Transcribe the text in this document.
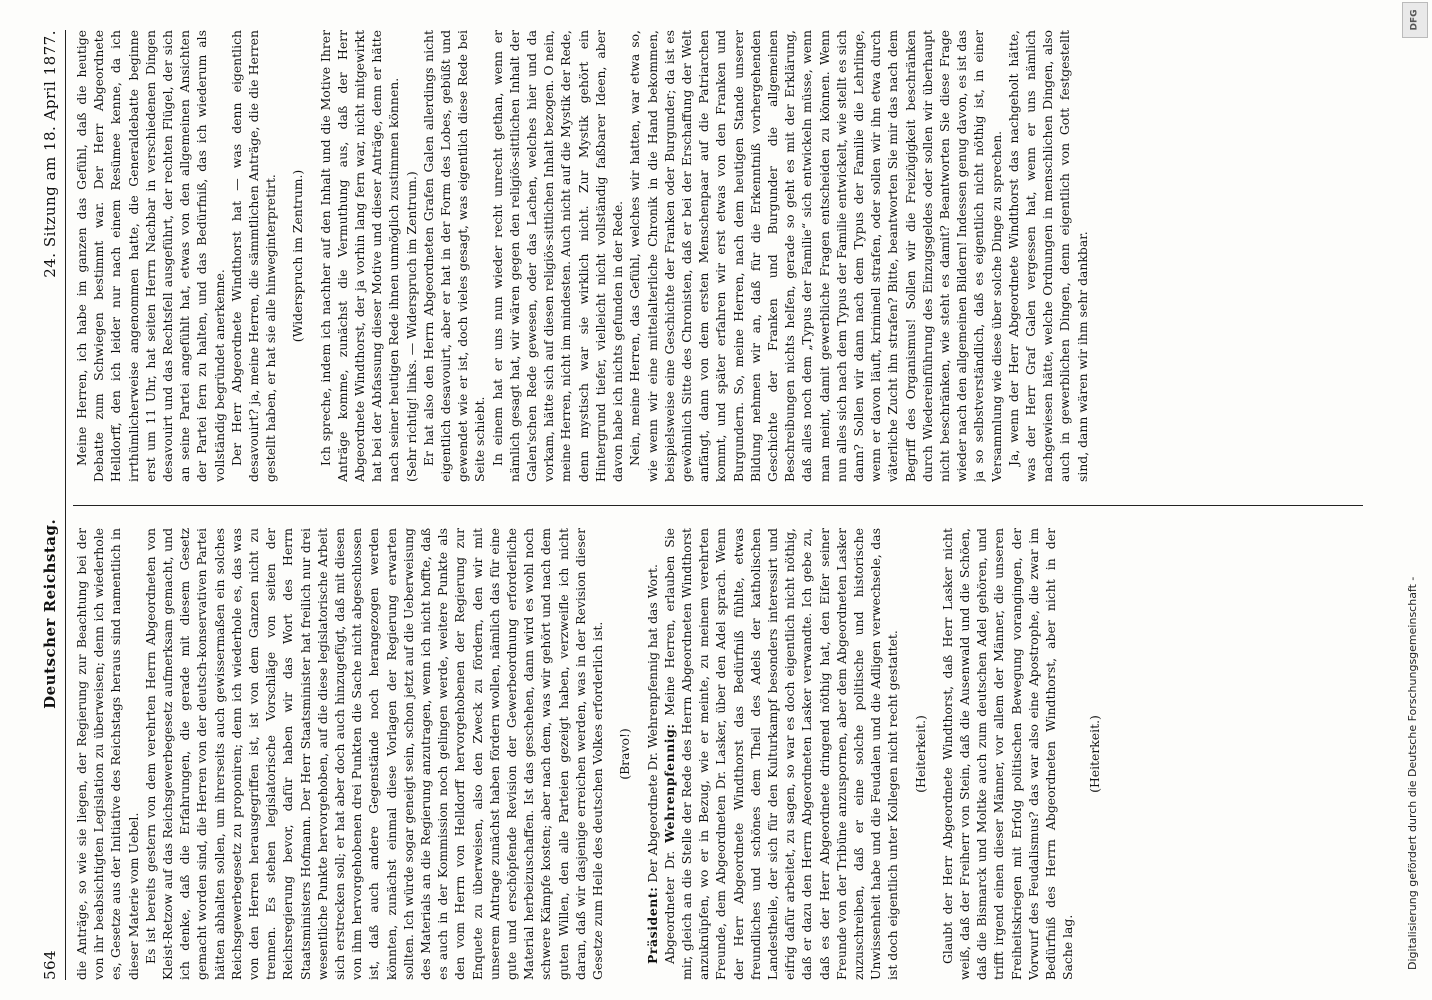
564
Deutscher Reichstag.
24. Sitzung am 18. April 1877.

die Anträge, so wie sie liegen, der Regierung zur Beachtung bei der von ihr beabsichtigten Legislation zu überweisen; denn ich wiederhole es, Gesetze aus der Initiative des Reichstags heraus sind namentlich in dieser Materie vom Uebel. Es ist bereits gestern von dem verehrten Herrn Abgeordneten von Kleist-Retzow auf das Reichsgewerbegesetz aufmerksam gemacht, und ich denke, daß die Erfahrungen, die gerade mit diesem Gesetz gemacht worden sind, die Herren von der deutsch-konservativen Partei hätten abhalten sollen, um ihrerseits auch gewissermaßen ein solches Reichsgewerbegesetz zu proponiren; denn ich wiederhole es, das was von den Herren herausgegriffen ist, ist von dem Ganzen nicht zu trennen. Es stehen legislatorische Vorschläge von seiten der Reichsregierung bevor, dafür haben wir das Wort des Herrn Staatsministers Hofmann. Der Herr Staatsminister hat freilich nur drei wesentliche Punkte hervorgehoben, auf die diese legislatorische Arbeit sich erstrecken soll; er hat aber doch auch hinzugefügt, daß mit diesen von ihm hervorgehobenen drei Punkten die Sache nicht abgeschlossen ist, daß auch andere Gegenstände noch herangezogen werden könnten, zunächst einmal diese Vorlagen der Regierung erwarten sollten. Ich würde sogar geneigt sein, schon jetzt auf die Ueberweisung des Materials an die Regierung anzutragen, wenn ich nicht hoffte, daß es auch in der Kommission noch gelingen werde, weitere Punkte als den vom Herrn von Helldorff hervorgehobenen der Regierung zur Enquete zu überweisen, also den Zweck zu fördern, den wir mit unserem Antrage zunächst haben fördern wollen, nämlich das für eine gute und erschöpfende Revision der Gewerbeordnung erforderliche Material herbeizuschaffen. Ist das geschehen, dann wird es wohl noch schwere Kämpfe kosten; aber nach dem, was wir gehört und nach dem guten Willen, den alle Parteien gezeigt haben, verzweifle ich nicht daran, daß wir dasjenige erreichen werden, was in der Revision dieser Gesetze zum Heile des deutschen Volkes erforderlich ist. (Bravo!)

Präsident: Der Abgeordnete Dr. Wehrenpfennig hat das Wort.

Abgeordneter Dr. Wehrenpfennig: Meine Herren, erlauben Sie mir, gleich an die Stelle der Rede des Herrn Abgeordneten Windthorst anzuknüpfen, wo er in Bezug, wie er meinte, zu meinem verehrten Freunde, dem Abgeordneten Dr. Lasker, über den Adel sprach. Wenn der Herr Abgeordnete Windthorst das Bedürfniß fühlte, etwas freundliches und schönes dem Theil des Adels der katholischen Landestheile, der sich für den Kulturkampf besonders interessirt und eifrig dafür arbeitet, zu sagen, so war es doch eigentlich nicht nöthig, daß er dazu den Herrn Abgeordneten Lasker verwandte. Ich gebe zu, daß es der Herr Abgeordnete dringend nöthig hat, den Eifer seiner Freunde von der Tribüne anzuspornen, aber dem Abgeordneten Lasker zuzuschreiben, daß er eine solche politische und historische Unwissenheit habe und die Feudalen und die Adligen verwechsele, das ist doch eigentlich unter Kollegen nicht recht gestattet. (Heiterkeit.) Glaubt der Herr Abgeordnete Windthorst, daß Herr Lasker nicht weiß, daß der Freiherr von Stein, daß die Ausenwald und die Schöen, daß die Bismarck und Moltke auch zum deutschen Adel gehören, und trifft irgend einen dieser Männer, vor allem der Männer, die unseren Freiheitskriegen mit Erfolg politischen Bewegung vorangingen, der Vorwurf des Feudalismus? das war also eine Apostrophe, die zwar im Bedürfniß des Herrn Abgeordneten Windthorst, aber nicht in der Sache lag.

(Heiterkeit.)

Meine Herren, ich habe im ganzen das Gefühl, daß die heutige Debatte zum Schwiegen bestimmt war. Der Herr Abgeordnete Helldorff, den ich leider nur nach einem Resümee kenne, da ich irrthümlicherweise angenommen hatte, die Generaldebatte beginne erst um 11 Uhr, hat seiten Herrn Nachbar in verschiedenen Dingen desavouirt und das Rechtsfell ausgeführt, der rechten Flügel, der sich an seine Partei angefühlt hat, etwas von den allgemeinen Ansichten der Partei fern zu halten, und das Bedürfniß, das ich wiederum als vollständig begründet anerkenne. Der Herr Abgeordnete Windthorst hat — was denn eigentlich desavouirt? ja, meine Herren, die sämmtlichen Anträge, die die Herren gestellt haben, er hat sie alle hinweginterpretirt. (Widerspruch im Zentrum.) Ich spreche, indem ich nachher auf den Inhalt und die Motive Ihrer Anträge komme, zunächst die Vermuthung aus, daß der Herr Abgeordnete Windthorst, der ja vorhin lang fern war, nicht mitgewirkt hat bei der Abfassung dieser Motive und dieser Anträge, denn er hätte nach seiner heutigen Rede ihnen unmöglich zustimmen können. (Sehr richtig! links. — Widerspruch im Zentrum.) Er hat also den Herrn Abgeordneten Grafen Galen allerdings nicht eigentlich desavouirt, aber er hat in der Form des Lobes, gebüßt und gewendet wie er ist, doch vieles gesagt, was eigentlich diese Rede bei Seite schiebt. In einem hat er uns nun wieder recht unrecht gethan, wenn er nämlich gesagt hat, wir wären gegen den religiös-sittlichen Inhalt der Galen'schen Rede gewesen, oder das Lachen, welches hier und da vorkam, hätte sich auf diesen religiös-sittlichen Inhalt bezogen. O nein, meine Herren, nicht im mindesten. Auch nicht auf die Mystik der Rede, denn mystisch war sie wirklich nicht. Zur Mystik gehört ein Hintergrund tiefer, vielleicht nicht vollständig faßbarer Ideen, aber davon habe ich nichts gefunden in der Rede. Nein, meine Herren, das Gefühl, welches wir hatten, war etwa so, wie wenn wir eine mittelalterliche Chronik in die Hand bekommen, beispielsweise eine Geschichte der Franken oder Burgunder; da ist es gewöhnlich Sitte des Chronisten, daß er bei der Erschaffung der Welt anfängt, dann von dem ersten Menschenpaar auf die Patriarchen kommt, und später erfahren wir erst etwas von den Franken und Burgundern. So, meine Herren, nach dem heutigen Stande unserer Bildung nehmen wir an, daß für die Erkenntniß vorhergehenden Geschichte der Franken und Burgunder die allgemeinen Beschreibungen nichts helfen, gerade so geht es mit der Erklärung, daß alles noch dem „Typus der Familie“ sich entwickeln müsse, wenn man meint, damit gewerbliche Fragen entscheiden zu können. Wenn nun alles sich nach dem Typus der Familie entwickelt, wie stellt es sich dann? Sollen wir dann nach dem Typus der Familie die Lehrlinge, wenn er davon läuft, kriminell strafen, oder sollen wir ihn etwa durch väterliche Zucht ihn strafen? Bitte, beantworten Sie mir das nach dem Begriff des Organismus! Sollen wir die Freizügigkeit beschränken durch Wiedereinführung des Einzugsgeldes oder sollen wir überhaupt nicht beschränken, wie steht es damit? Beantworten Sie diese Frage wieder nach den allgemeinen Bildern! Indessen genug davon, es ist das ja so selbstverständlich, daß es eigentlich nicht nöthig ist, in einer Versammlung wie diese über solche Dinge zu sprechen. Ja, wenn der Herr Abgeordnete Windthorst das nachgeholt hätte, was der Herr Graf Galen vergessen hat, wenn er uns nämlich nachgewiesen hätte, welche Ordnungen in menschlichen Dingen, also auch in gewerblichen Dingen, denn eigentlich von Gott festgestellt sind, dann wären wir ihm sehr dankbar.

DFG
Digitalisierung gefördert durch die Deutsche Forschungsgemeinschaft -
